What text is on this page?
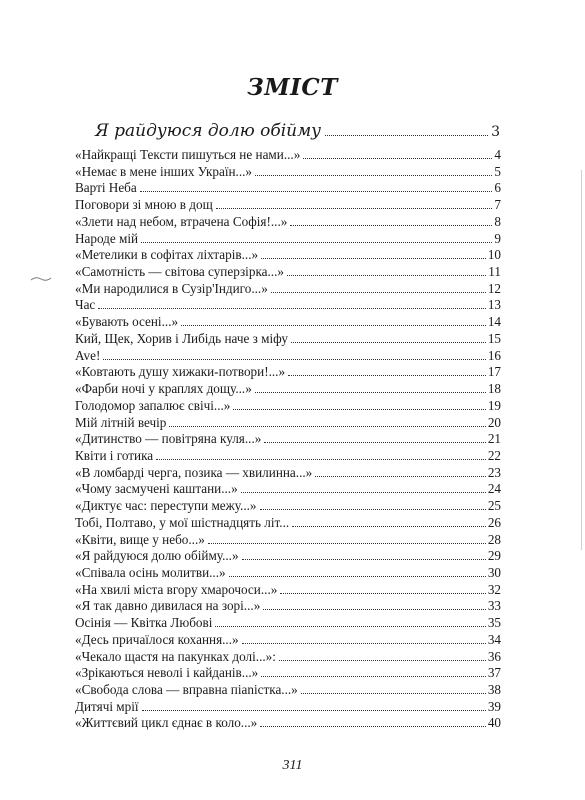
ЗМІСТ
Я райдуюся долю обійму	3
«Найкращі Тексти пишуться не нами...»	4
«Немає в мене інших Україн...»	5
Варті Неба	6
Поговори зі мною в дощ	7
«Злети над небом, втрачена Софія!...»	8
Народе мій	9
«Метелики в софітах ліхтарів...»	10
«Самотність — світова суперзірка...»	11
«Ми народилися в Сузір'Індиго...»	12
Час	13
«Бувають осені...»	14
Кий, Щек, Хорив і Либідь наче з міфу	15
Ave!	16
«Ковтають душу хижаки-потвори!...»	17
«Фарби ночі у краплях дощу...»	18
Голодомор запалює свічі...»	19
Мій літній вечір	20
«Дитинство — повітряна куля...»	21
Квіти і готика	22
«В ломбарді черга, позика — хвилинна...»	23
«Чому засмучені каштани...»	24
«Диктує час: переступи межу...»	25
Тобі, Полтаво, у мої шістнадцять літ...	26
«Квіти, вище у небо...»	28
«Я райдуюся долю обійму...»	29
«Співала осінь молитви...»	30
«На хвилі міста вгору хмарочоси...»	32
«Я так давно дивилася на зорі...»	33
Осінія — Квітка Любові	35
«Десь причаїлося кохання...»	34
«Чекало щастя на пакунках долі...»:	36
«Зрікаються неволі і кайданів...»	37
«Свобода слова — вправна пianістка...»	38
Дитячі мрії	39
«Життєвий цикл єднає в коло...»	40
311
